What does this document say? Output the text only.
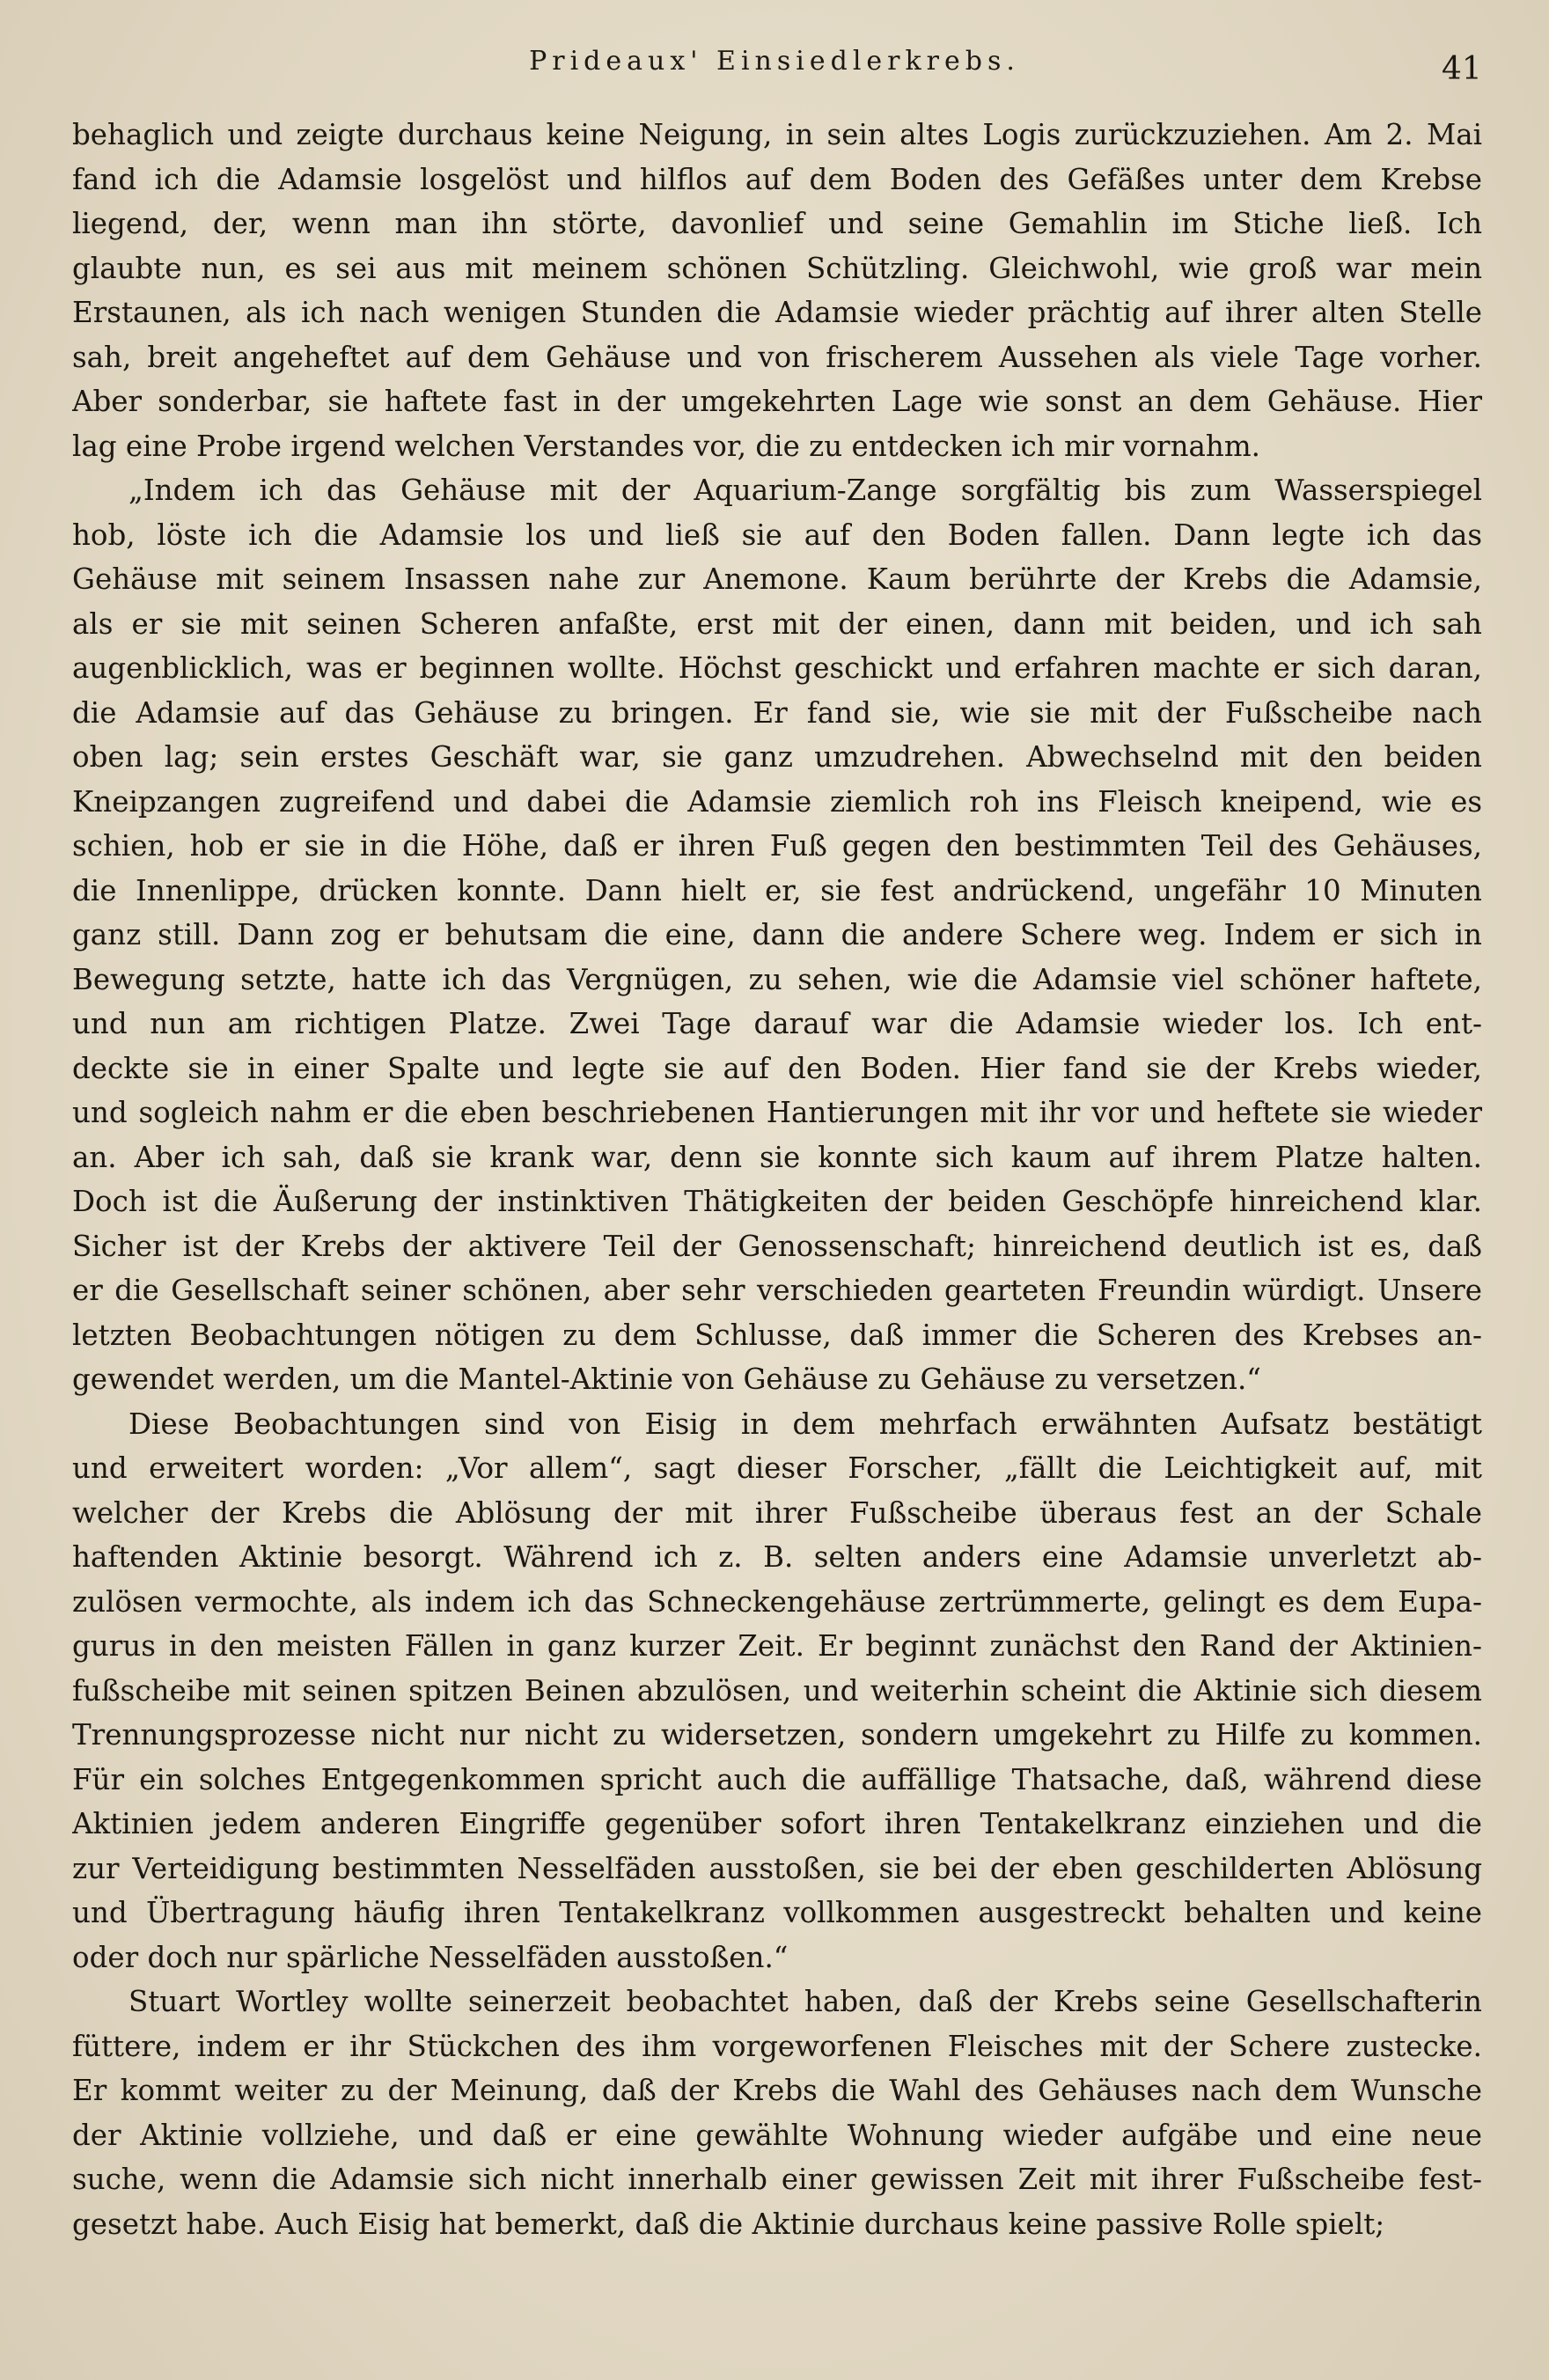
Prideaux' Einsiedlerkrebs.	41
behaglich und zeigte durchaus keine Neigung, in sein altes Logis zurückzuziehen. Am 2. Mai
fand ich die Adamsie losgelöst und hilflos auf dem Boden des Gefäßes unter dem Krebse
liegend, der, wenn man ihn störte, davonlief und seine Gemahlin im Stiche ließ. Ich
glaubte nun, es sei aus mit meinem schönen Schützling. Gleichwohl, wie groß war mein
Erstaunen, als ich nach wenigen Stunden die Adamsie wieder prächtig auf ihrer alten Stelle
sah, breit angeheftet auf dem Gehäuse und von frischerem Aussehen als viele Tage vorher.
Aber sonderbar, sie haftete fast in der umgekehrten Lage wie sonst an dem Gehäuse. Hier
lag eine Probe irgend welchen Verstandes vor, die zu entdecken ich mir vornahm.
„Indem ich das Gehäuse mit der Aquarium-Zange sorgfältig bis zum Wasserspiegel
hob, löste ich die Adamsie los und ließ sie auf den Boden fallen. Dann legte ich das
Gehäuse mit seinem Insassen nahe zur Anemone. Kaum berührte der Krebs die Adamsie,
als er sie mit seinen Scheren anfaßte, erst mit der einen, dann mit beiden, und ich sah
augenblicklich, was er beginnen wollte. Höchst geschickt und erfahren machte er sich daran,
die Adamsie auf das Gehäuse zu bringen. Er fand sie, wie sie mit der Fußscheibe nach
oben lag; sein erstes Geschäft war, sie ganz umzudrehen. Abwechselnd mit den beiden
Kneipzangen zugreifend und dabei die Adamsie ziemlich roh ins Fleisch kneipend, wie es
schien, hob er sie in die Höhe, daß er ihren Fuß gegen den bestimmten Teil des Gehäuses,
die Innenlippe, drücken konnte. Dann hielt er, sie fest andrückend, ungefähr 10 Minuten
ganz still. Dann zog er behutsam die eine, dann die andere Schere weg. Indem er sich in
Bewegung setzte, hatte ich das Vergnügen, zu sehen, wie die Adamsie viel schöner haftete,
und nun am richtigen Platze. Zwei Tage darauf war die Adamsie wieder los. Ich ent-
deckte sie in einer Spalte und legte sie auf den Boden. Hier fand sie der Krebs wieder,
und sogleich nahm er die eben beschriebenen Hantierungen mit ihr vor und heftete sie wieder
an. Aber ich sah, daß sie krank war, denn sie konnte sich kaum auf ihrem Platze halten.
Doch ist die Äußerung der instinktiven Thätigkeiten der beiden Geschöpfe hinreichend klar.
Sicher ist der Krebs der aktivere Teil der Genossenschaft; hinreichend deutlich ist es, daß
er die Gesellschaft seiner schönen, aber sehr verschieden gearteten Freundin würdigt. Unsere
letzten Beobachtungen nötigen zu dem Schlusse, daß immer die Scheren des Krebses an-
gewendet werden, um die Mantel-Aktinie von Gehäuse zu Gehäuse zu versetzen.“
Diese Beobachtungen sind von Eisig in dem mehrfach erwähnten Aufsatz bestätigt
und erweitert worden: „Vor allem“, sagt dieser Forscher, „fällt die Leichtigkeit auf, mit
welcher der Krebs die Ablösung der mit ihrer Fußscheibe überaus fest an der Schale
haftenden Aktinie besorgt. Während ich z. B. selten anders eine Adamsie unverletzt ab-
zulösen vermochte, als indem ich das Schneckengehäuse zertrümmerte, gelingt es dem Eupa-
gurus in den meisten Fällen in ganz kurzer Zeit. Er beginnt zunächst den Rand der Aktinien-
fußscheibe mit seinen spitzen Beinen abzulösen, und weiterhin scheint die Aktinie sich diesem
Trennungsprozesse nicht nur nicht zu widersetzen, sondern umgekehrt zu Hilfe zu kommen.
Für ein solches Entgegenkommen spricht auch die auffällige Thatsache, daß, während diese
Aktinien jedem anderen Eingriffe gegenüber sofort ihren Tentakelkranz einziehen und die
zur Verteidigung bestimmten Nesselfäden ausstoßen, sie bei der eben geschilderten Ablösung
und Übertragung häufig ihren Tentakelkranz vollkommen ausgestreckt behalten und keine
oder doch nur spärliche Nesselfäden ausstoßen.“
Stuart Wortley wollte seinerzeit beobachtet haben, daß der Krebs seine Gesellschafterin
füttere, indem er ihr Stückchen des ihm vorgeworfenen Fleisches mit der Schere zustecke.
Er kommt weiter zu der Meinung, daß der Krebs die Wahl des Gehäuses nach dem Wunsche
der Aktinie vollziehe, und daß er eine gewählte Wohnung wieder aufgäbe und eine neue
suche, wenn die Adamsie sich nicht innerhalb einer gewissen Zeit mit ihrer Fußscheibe fest-
gesetzt habe. Auch Eisig hat bemerkt, daß die Aktinie durchaus keine passive Rolle spielt;
